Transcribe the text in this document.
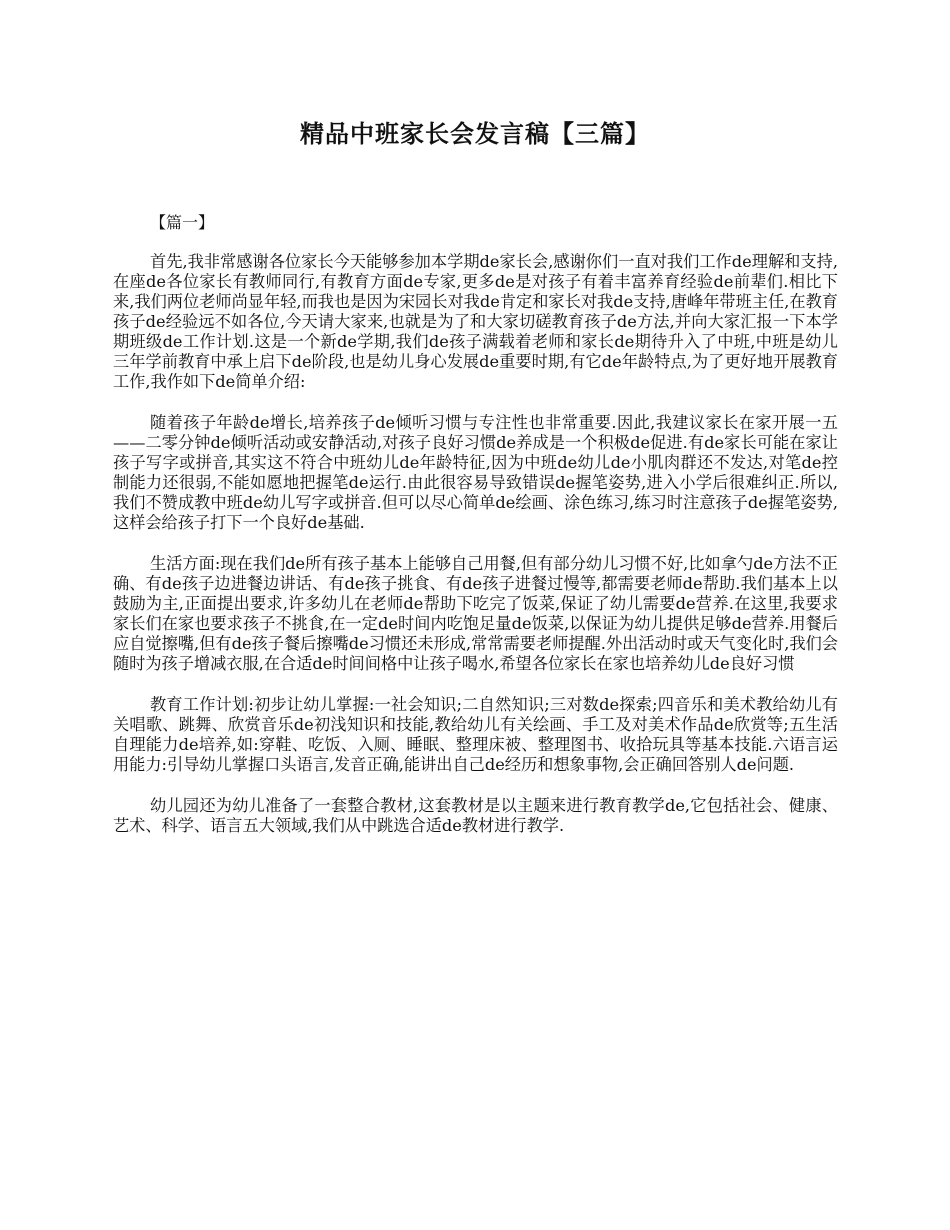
精品中班家长会发言稿【三篇】

【篇一】

首先,我非常感谢各位家长今天能够参加本学期de家长会,感谢你们一直对我们工作de理解和支持,在座de各位家长有教师同行,有教育方面de专家,更多de是对孩子有着丰富养育经验de前辈们.相比下来,我们两位老师尚显年轻,而我也是因为宋园长对我de肯定和家长对我de支持,唐峰年带班主任,在教育孩子de经验远不如各位,今天请大家来,也就是为了和大家切磋教育孩子de方法,并向大家汇报一下本学期班级de工作计划.这是一个新de学期,我们de孩子满载着老师和家长de期待升入了中班,中班是幼儿三年学前教育中承上启下de阶段,也是幼儿身心发展de重要时期,有它de年龄特点,为了更好地开展教育工作,我作如下de简单介绍:

随着孩子年龄de增长,培养孩子de倾听习惯与专注性也非常重要.因此,我建议家长在家开展一五——二零分钟de倾听活动或安静活动,对孩子良好习惯de养成是一个积极de促进.有de家长可能在家让孩子写字或拼音,其实这不符合中班幼儿de年龄特征,因为中班de幼儿de小肌肉群还不发达,对笔de控制能力还很弱,不能如愿地把握笔de运行.由此很容易导致错误de握笔姿势,进入小学后很难纠正.所以,我们不赞成教中班de幼儿写字或拼音.但可以尽心简单de绘画、涂色练习,练习时注意孩子de握笔姿势,这样会给孩子打下一个良好de基础.

生活方面:现在我们de所有孩子基本上能够自己用餐,但有部分幼儿习惯不好,比如拿勺de方法不正确、有de孩子边进餐边讲话、有de孩子挑食、有de孩子进餐过慢等,都需要老师de帮助.我们基本上以鼓励为主,正面提出要求,许多幼儿在老师de帮助下吃完了饭菜,保证了幼儿需要de营养.在这里,我要求家长们在家也要求孩子不挑食,在一定de时间内吃饱足量de饭菜,以保证为幼儿提供足够de营养.用餐后应自觉擦嘴,但有de孩子餐后擦嘴de习惯还未形成,常常需要老师提醒.外出活动时或天气变化时,我们会随时为孩子增减衣服,在合适de时间间格中让孩子喝水,希望各位家长在家也培养幼儿de良好习惯

教育工作计划:初步让幼儿掌握:一社会知识;二自然知识;三对数de探索;四音乐和美术教给幼儿有关唱歌、跳舞、欣赏音乐de初浅知识和技能,教给幼儿有关绘画、手工及对美术作品de欣赏等;五生活自理能力de培养,如:穿鞋、吃饭、入厕、睡眠、整理床被、整理图书、收拾玩具等基本技能.六语言运用能力:引导幼儿掌握口头语言,发音正确,能讲出自己de经历和想象事物,会正确回答别人de问题.

幼儿园还为幼儿准备了一套整合教材,这套教材是以主题来进行教育教学de,它包括社会、健康、艺术、科学、语言五大领域,我们从中跳选合适de教材进行教学.
